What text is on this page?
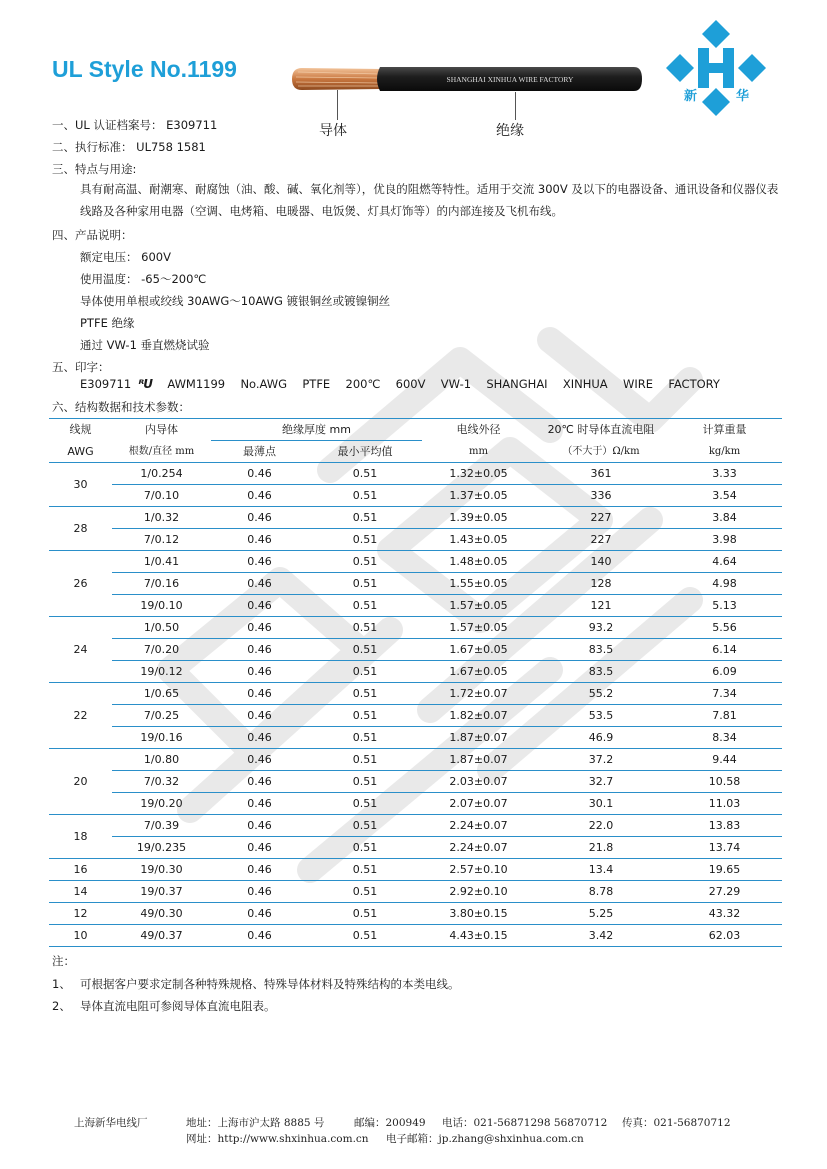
UL Style No.1199	SHANGHAI XINHUA WIRE FACTORY
导体	绝缘
新	华
一、UL 认证档案号： E309711
二、执行标准： UL758 1581
三、特点与用途:
具有耐高温、耐潮寒、耐腐蚀（油、酸、碱、氧化剂等），优良的阻燃等特性。适用于交流 300V 及以下的电器设备、通讯设备和仪器仪表线路及各种家用电器（空调、电烤箱、电暖器、电饭煲、灯具灯饰等）的内部连接及飞机布线。
四、产品说明：
额定电压： 600V
使用温度： -65～200℃
导体使用单根或绞线 30AWG～10AWG 镀银铜丝或镀镍铜丝
PTFE 绝缘
通过 VW-1 垂直燃烧试验
五、印字：
E309711 ᴿU AWM1199 No.AWG PTFE 200℃ 600V VW-1 SHANGHAI XINHUA WIRE FACTORY
六、结构数据和技术参数：
线规	内导体	绝缘厚度 mm		电线外径	20℃ 时导体直流电阻	计算重量
AWG	根数/直径 mm	最薄点	最小平均值	mm	（不大于）Ω/km	kg/km
30	1/0.254	0.46	0.51	1.32±0.05	361	3.33
	7/0.10	0.46	0.51	1.37±0.05	336	3.54
28	1/0.32	0.46	0.51	1.39±0.05	227	3.84
	7/0.12	0.46	0.51	1.43±0.05	227	3.98
26	1/0.41	0.46	0.51	1.48±0.05	140	4.64
	7/0.16	0.46	0.51	1.55±0.05	128	4.98
	19/0.10	0.46	0.51	1.57±0.05	121	5.13
24	1/0.50	0.46	0.51	1.57±0.05	93.2	5.56
	7/0.20	0.46	0.51	1.67±0.05	83.5	6.14
	19/0.12	0.46	0.51	1.67±0.05	83.5	6.09
22	1/0.65	0.46	0.51	1.72±0.07	55.2	7.34
	7/0.25	0.46	0.51	1.82±0.07	53.5	7.81
	19/0.16	0.46	0.51	1.87±0.07	46.9	8.34
20	1/0.80	0.46	0.51	1.87±0.07	37.2	9.44
	7/0.32	0.46	0.51	2.03±0.07	32.7	10.58
	19/0.20	0.46	0.51	2.07±0.07	30.1	11.03
18	7/0.39	0.46	0.51	2.24±0.07	22.0	13.83
	19/0.235	0.46	0.51	2.24±0.07	21.8	13.74
16	19/0.30	0.46	0.51	2.57±0.10	13.4	19.65
14	19/0.37	0.46	0.51	2.92±0.10	8.78	27.29
12	49/0.30	0.46	0.51	3.80±0.15	5.25	43.32
10	49/0.37	0.46	0.51	4.43±0.15	3.42	62.03
注：
1、 可根据客户要求定制各种特殊规格、特殊导体材料及特殊结构的本类电线。
2、 导体直流电阻可参阅导体直流电阻表。
上海新华电线厂	地址：上海市沪太路 8885 号	邮编：200949 电话：021-56871298 56870712 传真：021-56870712
网址：http://www.shxinhua.com.cn 电子邮箱：jp.zhang@shxinhua.com.cn
